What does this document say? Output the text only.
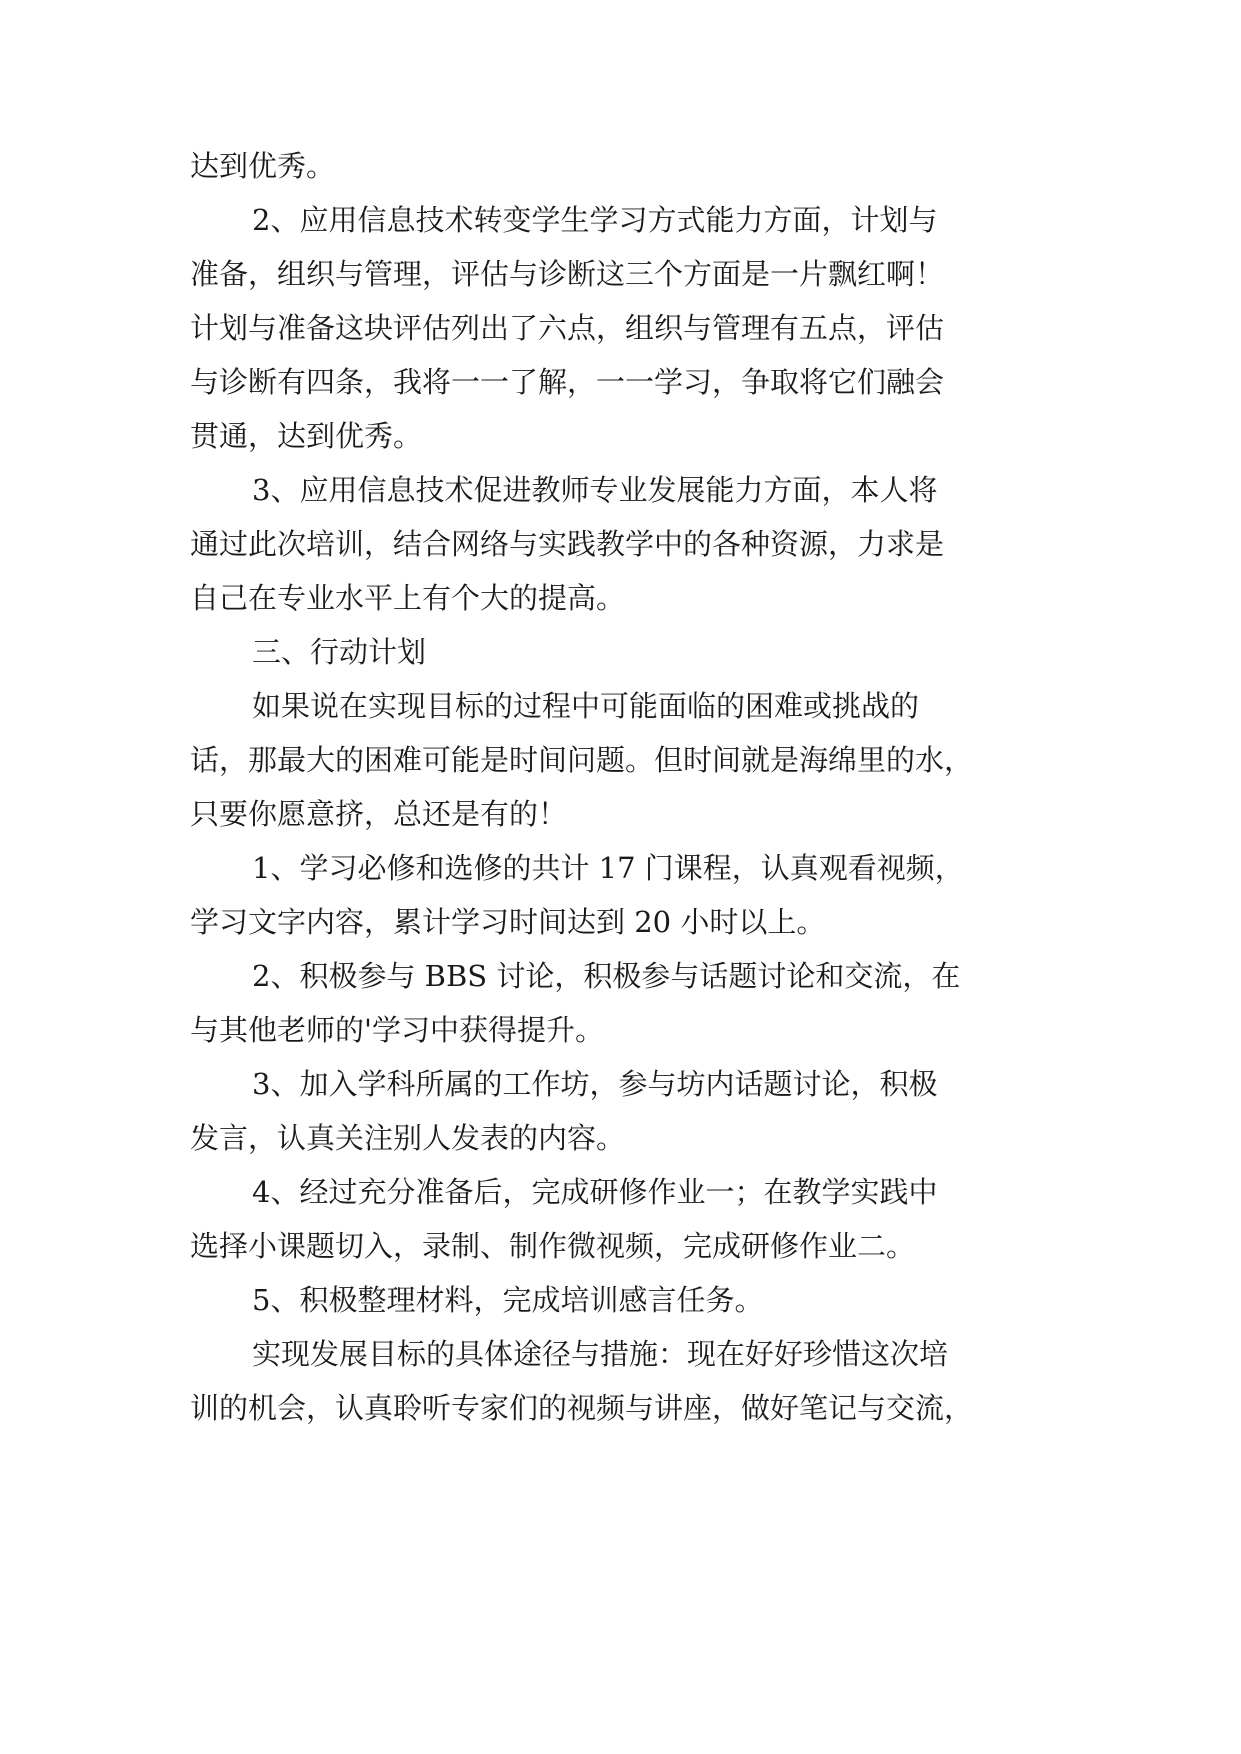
达到优秀。
2、应用信息技术转变学生学习方式能力方面，计划与
准备，组织与管理，评估与诊断这三个方面是一片飘红啊！
计划与准备这块评估列出了六点，组织与管理有五点，评估
与诊断有四条，我将一一了解，一一学习，争取将它们融会
贯通，达到优秀。
3、应用信息技术促进教师专业发展能力方面，本人将
通过此次培训，结合网络与实践教学中的各种资源，力求是
自己在专业水平上有个大的提高。
三、行动计划
如果说在实现目标的过程中可能面临的困难或挑战的
话，那最大的困难可能是时间问题。但时间就是海绵里的水，
只要你愿意挤，总还是有的！
1、学习必修和选修的共计 17 门课程，认真观看视频，
学习文字内容，累计学习时间达到 20 小时以上。
2、积极参与 BBS 讨论，积极参与话题讨论和交流，在
与其他老师的'学习中获得提升。
3、加入学科所属的工作坊，参与坊内话题讨论，积极
发言，认真关注别人发表的内容。
4、经过充分准备后，完成研修作业一；在教学实践中
选择小课题切入，录制、制作微视频，完成研修作业二。
5、积极整理材料，完成培训感言任务。
实现发展目标的具体途径与措施：现在好好珍惜这次培
训的机会，认真聆听专家们的视频与讲座，做好笔记与交流，
